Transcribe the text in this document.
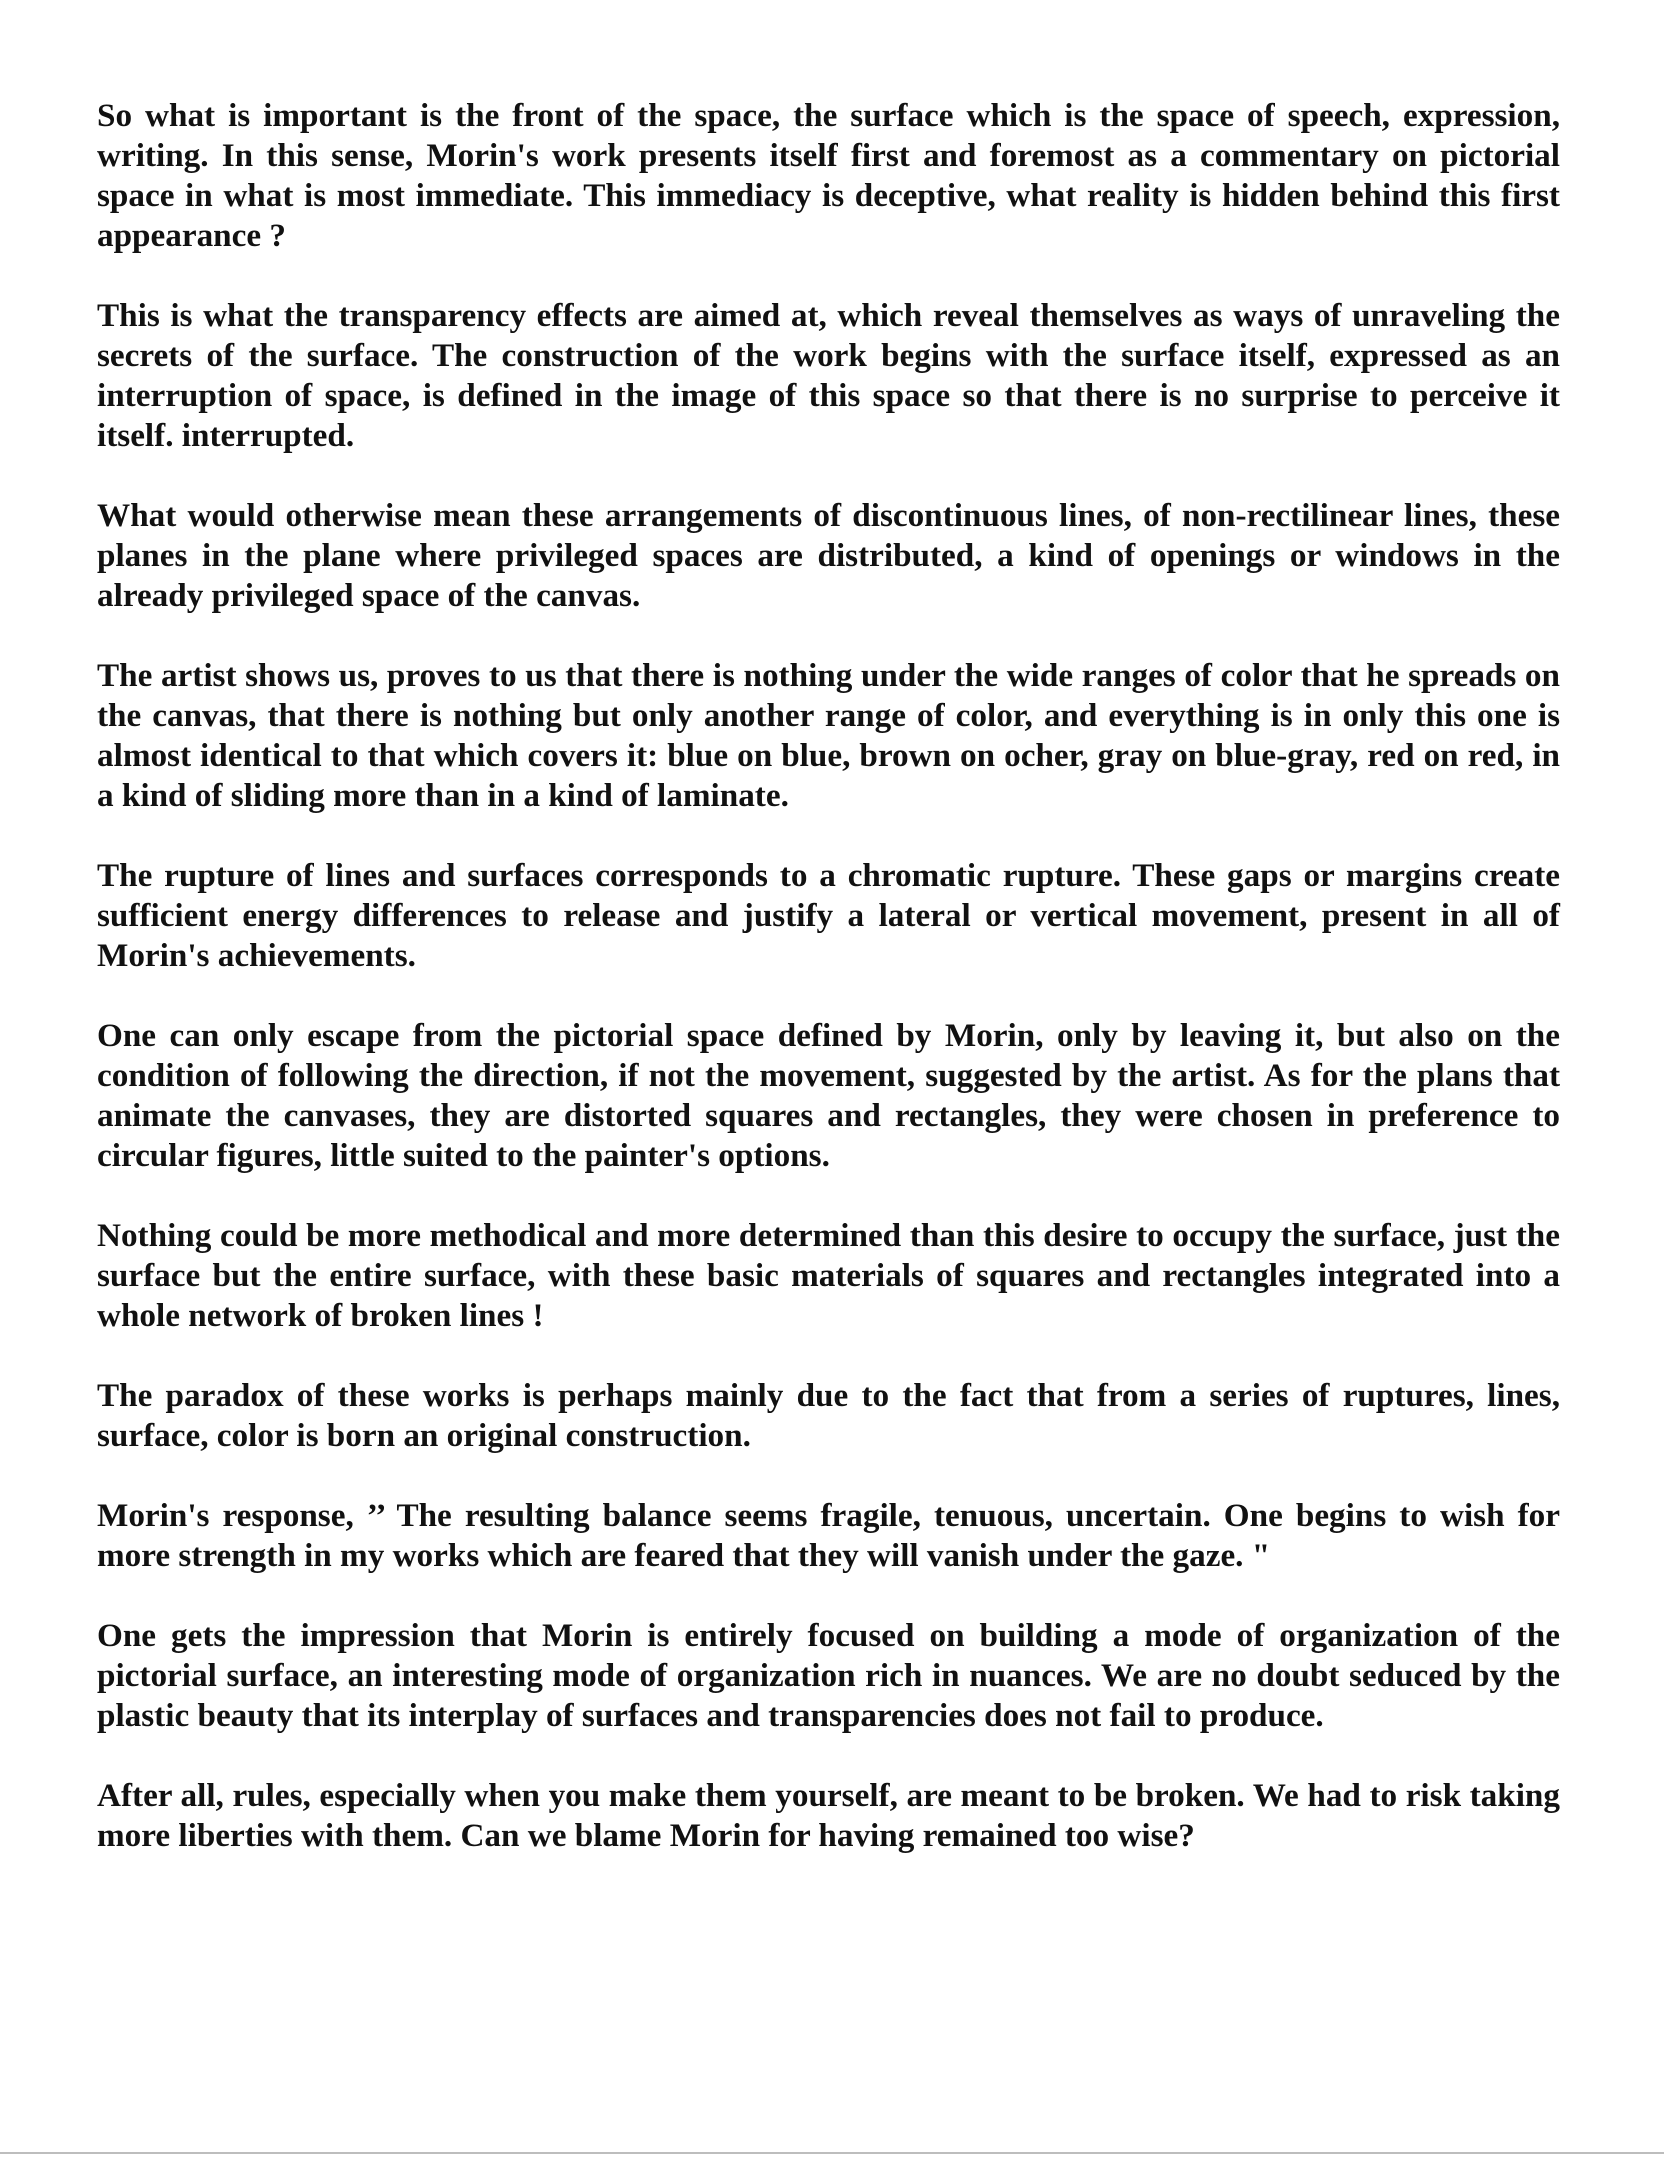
So what is important is the front of the space, the surface which is the space of speech, expression, writing. In this sense, Morin's work presents itself first and foremost as a commentary on pictorial space in what is most immediate. This immediacy is deceptive, what reality is hidden behind this first appearance ?

This is what the transparency effects are aimed at, which reveal themselves as ways of unraveling the secrets of the surface. The construction of the work begins with the surface itself, expressed as an interruption of space, is defined in the image of this space so that there is no surprise to perceive it itself. interrupted.

What would otherwise mean these arrangements of discontinuous lines, of non-rectilinear lines, these planes in the plane where privileged spaces are distributed, a kind of openings or windows in the already privileged space of the canvas.

The artist shows us, proves to us that there is nothing under the wide ranges of color that he spreads on the canvas, that there is nothing but only another range of color, and everything is in only this one is almost identical to that which covers it: blue on blue, brown on ocher, gray on blue-gray, red on red, in a kind of sliding more than in a kind of laminate.

The rupture of lines and surfaces corresponds to a chromatic rupture. These gaps or margins create sufficient energy differences to release and justify a lateral or vertical movement, present in all of Morin's achievements.

One can only escape from the pictorial space defined by Morin, only by leaving it, but also on the condition of following the direction, if not the movement, suggested by the artist. As for the plans that animate the canvases, they are distorted squares and rectangles, they were chosen in preference to circular figures, little suited to the painter's options.

Nothing could be more methodical and more determined than this desire to occupy the surface, just the surface but the entire surface, with these basic materials of squares and rectangles integrated into a whole network of broken lines !

The paradox of these works is perhaps mainly due to the fact that from a series of ruptures, lines, surface, color is born an original construction.

Morin's response, ’’ The resulting balance seems fragile, tenuous, uncertain. One begins to wish for more strength in my works which are feared that they will vanish under the gaze. "

One gets the impression that Morin is entirely focused on building a mode of organization of the pictorial surface, an interesting mode of organization rich in nuances. We are no doubt seduced by the plastic beauty that its interplay of surfaces and transparencies does not fail to produce.

After all, rules, especially when you make them yourself, are meant to be broken. We had to risk taking more liberties with them. Can we blame Morin for having remained too wise?
